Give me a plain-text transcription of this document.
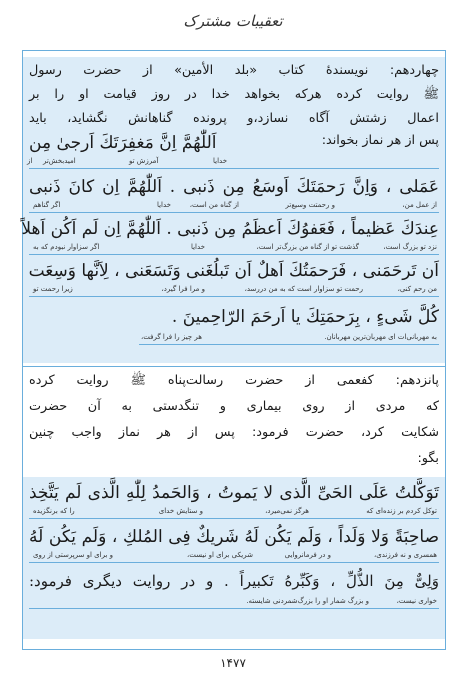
تعقیبات مشترک
چهاردهم: نویسندهٔ کتاب «بلد الأمین» از حضرت رسول
ﷺ روایت کرده هرکه بخواهد خدا در روز قیامت او را بر
اعمال زشتش آگاه نسازد،و پرونده گناهانش نگشاید، باید
پس از هر نماز بخواند:
اَللّٰهُمَّ اِنَّ مَغفِرَتَكَ اَرجىٰ مِن
امیدبخش‌تر	آمرزش تو	خدایا
از
عَمَلى ، وَاِنَّ رَحمَتَكَ اَوسَعُ مِن ذَنبى . اَللّٰهُمَّ اِن كانَ ذَنبى
از عمل من،
و رحمتت وسیع‌تر
از گناه من است،
خدایا
اگر گناهم
عِندَكَ عَظيماً ، فَعَفوُكَ اَعظَمُ مِن ذَنبى . اَللّٰهُمَّ اِن لَم اَكُن اَهلاً
نزد تو بزرگ است،
گذشت تو از گناه من بزرگ‌تر است،
خدایا
اگر سزاوار نبودم که به
اَن تَرحَمَنى ، فَرَحمَتُكَ اَهلٌ اَن تَبلُغَنى وَتَسَعَنى ، لِاَنَّها وَسِعَت
من رحم کنی،
رحمت تو سزاوار است که به من دررسد،
و مرا فرا گیرد،
زیرا رحمت تو
كُلَّ شَىءٍ ، بِرَحمَتِكَ يا اَرحَمَ الرّاحِمينَ .
هر چیز را فرا گرفت،	به مهربانی‌ات ای مهربان‌ترین مهربانان.
پانزدهم: کفعمی از حضرت رسالت‌پناه ﷺ روایت کرده
که مردی از روی بیماری و تنگدستی به آن حضرت
شکایت کرد، حضرت فرمود: پس از هر نماز واجب چنین
بگو:
تَوَكَّلتُ عَلَى الحَىِّ الَّذى لا يَموتُ ، وَالحَمدُ لِلّٰهِ الَّذى لَم يَتَّخِذ
توکل کردم بر زنده‌ای که
هرگز نمی‌میرد،
و ستایش خدای
را که برنگزیده
صاحِبَةً وَلا وَلَداً ، وَلَم يَكُن لَهُ شَريكٌ فِى المُلكِ ، وَلَم يَكُن لَهُ
همسری و نه فرزندی،
و در فرمانروایی
شریکی برای او نیست،
و برای او سرپرستی از روی
وَلِىٌّ مِنَ الذُّلِّ ، وَكَبِّرهُ تَكبيراً . و در روایت دیگری فرمود:
خواری نیست،
و بزرگ شمار او را بزرگ‌شمردنی شایسته.
۱۴۷۷
